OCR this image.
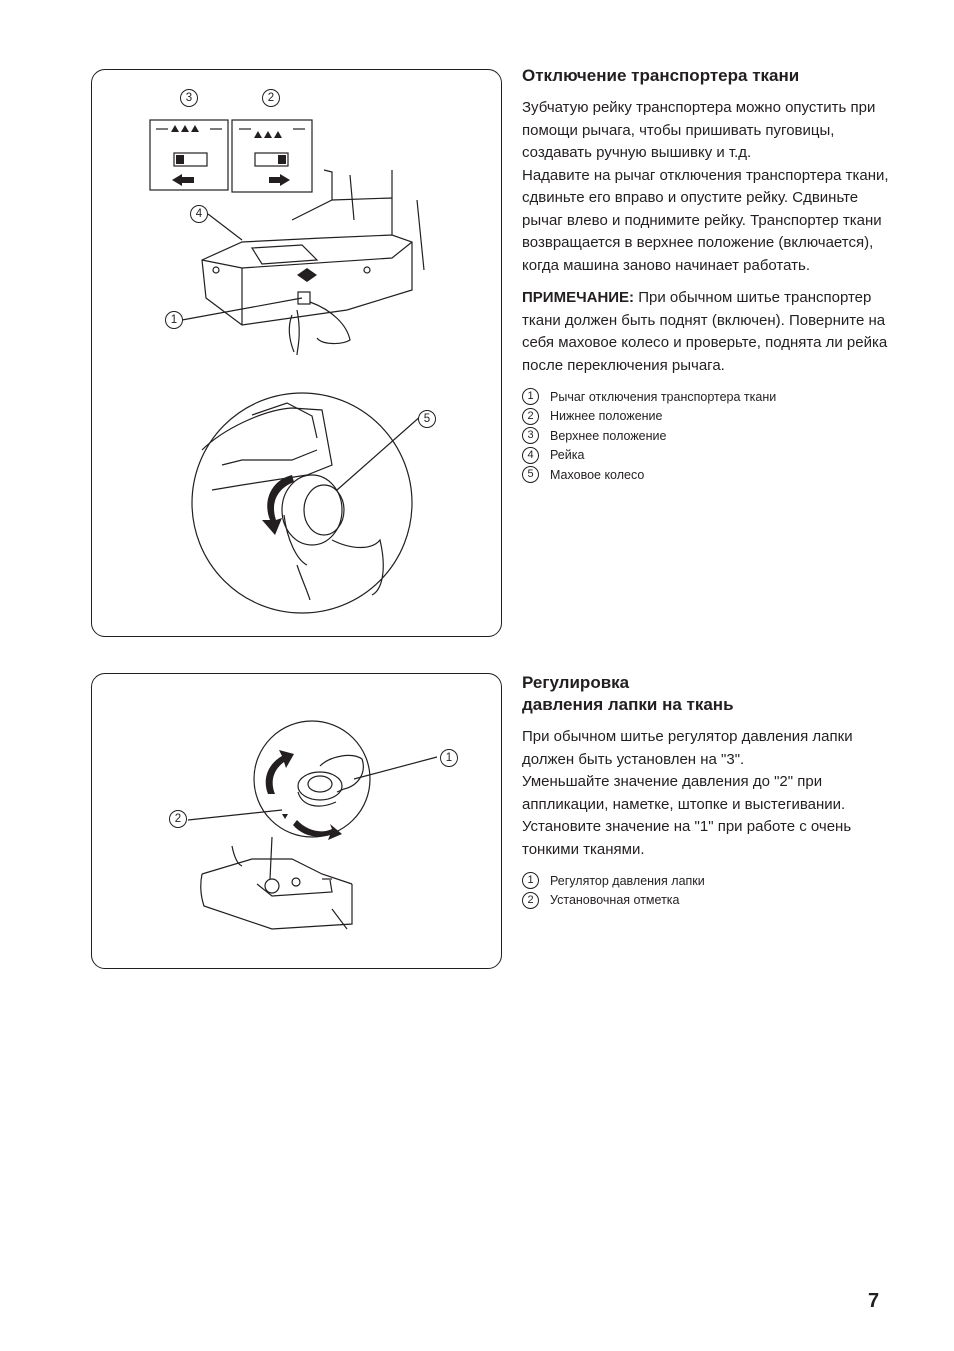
3	2
4
1
5
1
2
Отключение транспортера ткани

Зубчатую рейку транспортера можно опустить при помощи рычага, чтобы пришивать пуговицы, создавать ручную вышивку и т.д.
Надавите на рычаг отключения транспортера ткани, сдвиньте его вправо и опустите рейку. Сдвиньте рычаг влево и поднимите рейку. Транспортер ткани возвращается в верхнее положение (включается), когда машина заново начинает работать.

ПРИМЕЧАНИЕ: При обычном шитье транспортер ткани должен быть поднят (включен). Поверните на себя маховое колесо и проверьте, поднята ли рейка после переключения рычага.

1	Рычаг отключения транспортера ткани
2	Нижнее положение
3	Верхнее положение
4	Рейка
5	Маховое колесо
Регулировка
давления лапки на ткань

При обычном шитье регулятор давления лапки должен быть установлен на "3".
Уменьшайте значение давления до "2" при аппликации, наметке, штопке и выстегивании. Установите значение на "1" при работе с очень тонкими тканями.

1	Регулятор давления лапки
2	Установочная отметка
7
